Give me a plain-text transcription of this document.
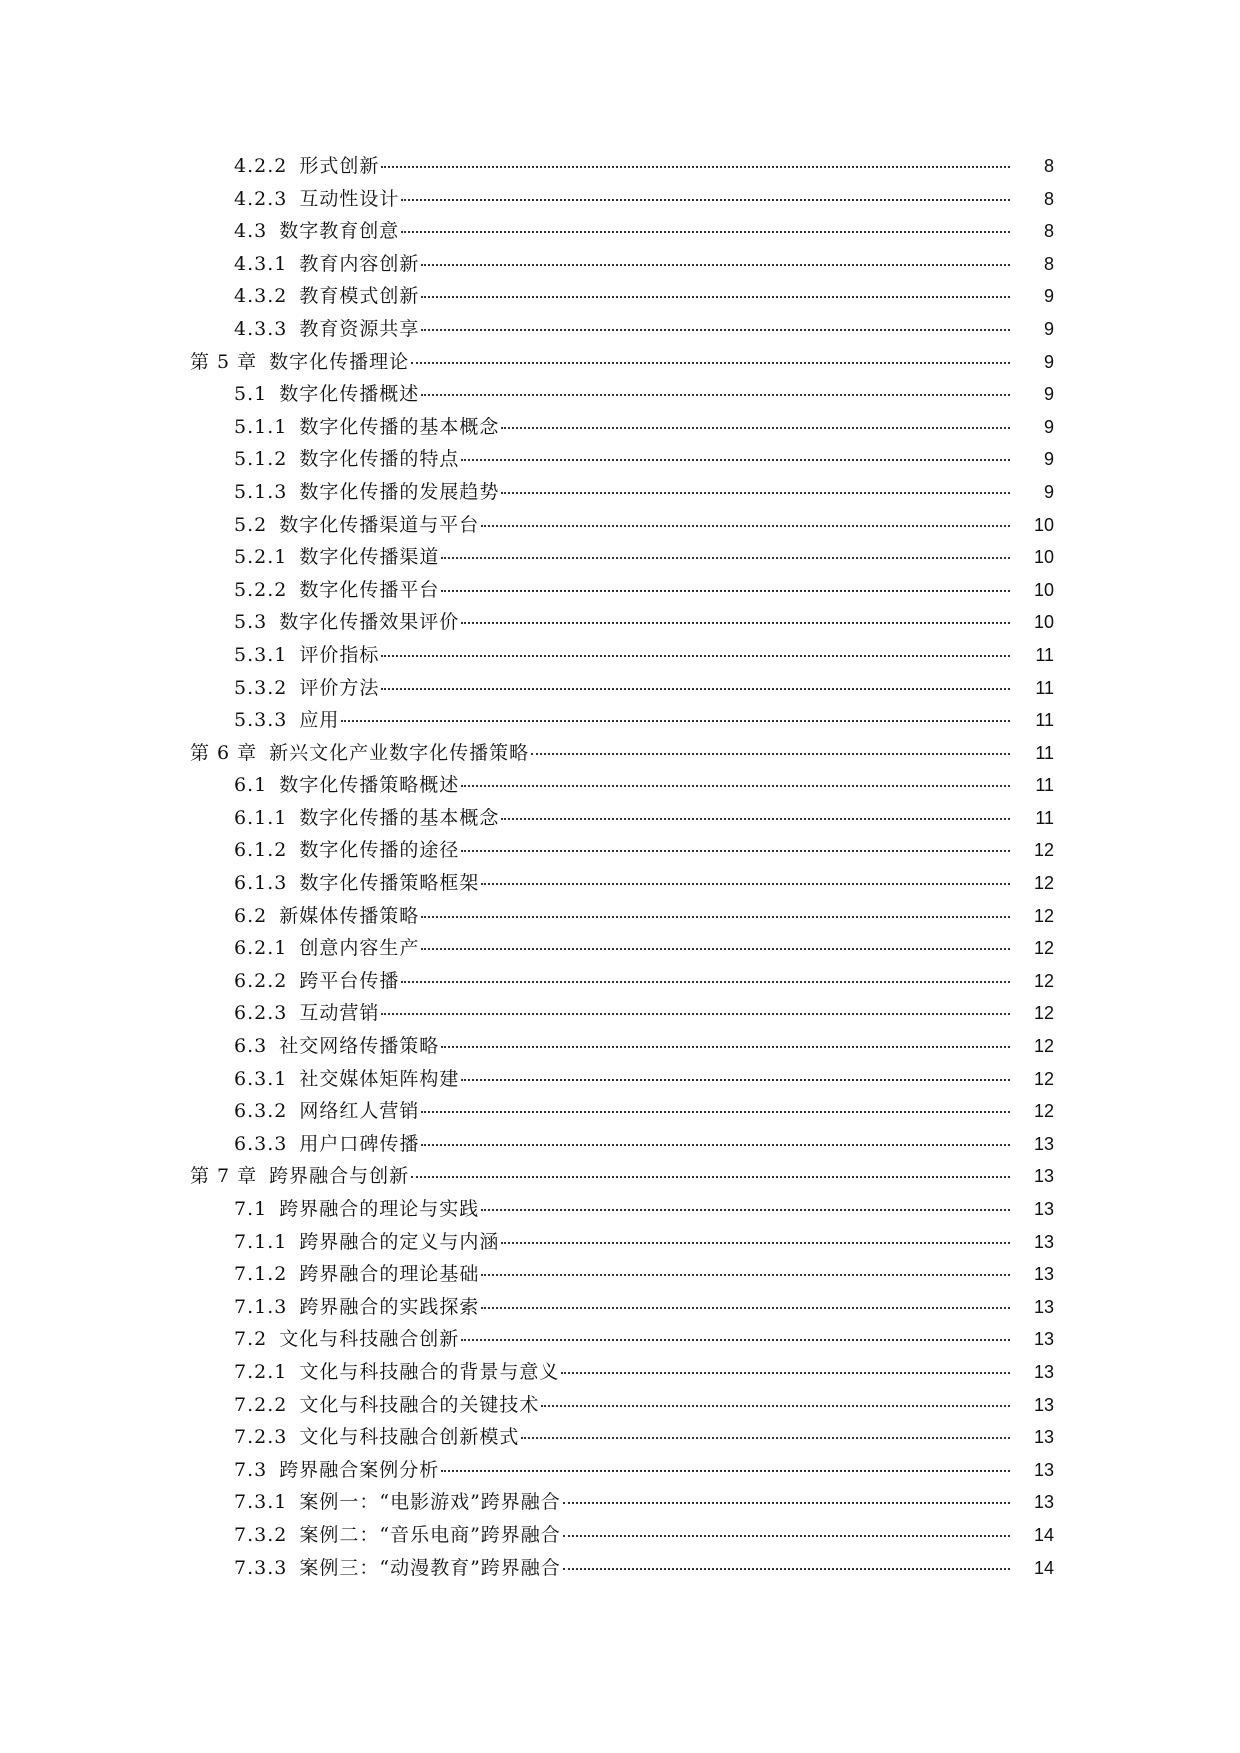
4.2.2 形式创新	8
4.2.3 互动性设计	8
4.3 数字教育创意	8
4.3.1 教育内容创新	8
4.3.2 教育模式创新	9
4.3.3 教育资源共享	9
第 5 章 数字化传播理论	9
5.1 数字化传播概述	9
5.1.1 数字化传播的基本概念	9
5.1.2 数字化传播的特点	9
5.1.3 数字化传播的发展趋势	9
5.2 数字化传播渠道与平台	10
5.2.1 数字化传播渠道	10
5.2.2 数字化传播平台	10
5.3 数字化传播效果评价	10
5.3.1 评价指标	11
5.3.2 评价方法	11
5.3.3 应用	11
第 6 章 新兴文化产业数字化传播策略	11
6.1 数字化传播策略概述	11
6.1.1 数字化传播的基本概念	11
6.1.2 数字化传播的途径	12
6.1.3 数字化传播策略框架	12
6.2 新媒体传播策略	12
6.2.1 创意内容生产	12
6.2.2 跨平台传播	12
6.2.3 互动营销	12
6.3 社交网络传播策略	12
6.3.1 社交媒体矩阵构建	12
6.3.2 网络红人营销	12
6.3.3 用户口碑传播	13
第 7 章 跨界融合与创新	13
7.1 跨界融合的理论与实践	13
7.1.1 跨界融合的定义与内涵	13
7.1.2 跨界融合的理论基础	13
7.1.3 跨界融合的实践探索	13
7.2 文化与科技融合创新	13
7.2.1 文化与科技融合的背景与意义	13
7.2.2 文化与科技融合的关键技术	13
7.2.3 文化与科技融合创新模式	13
7.3 跨界融合案例分析	13
7.3.1 案例一：“电影游戏”跨界融合	13
7.3.2 案例二：“音乐电商”跨界融合	14
7.3.3 案例三：“动漫教育”跨界融合	14
